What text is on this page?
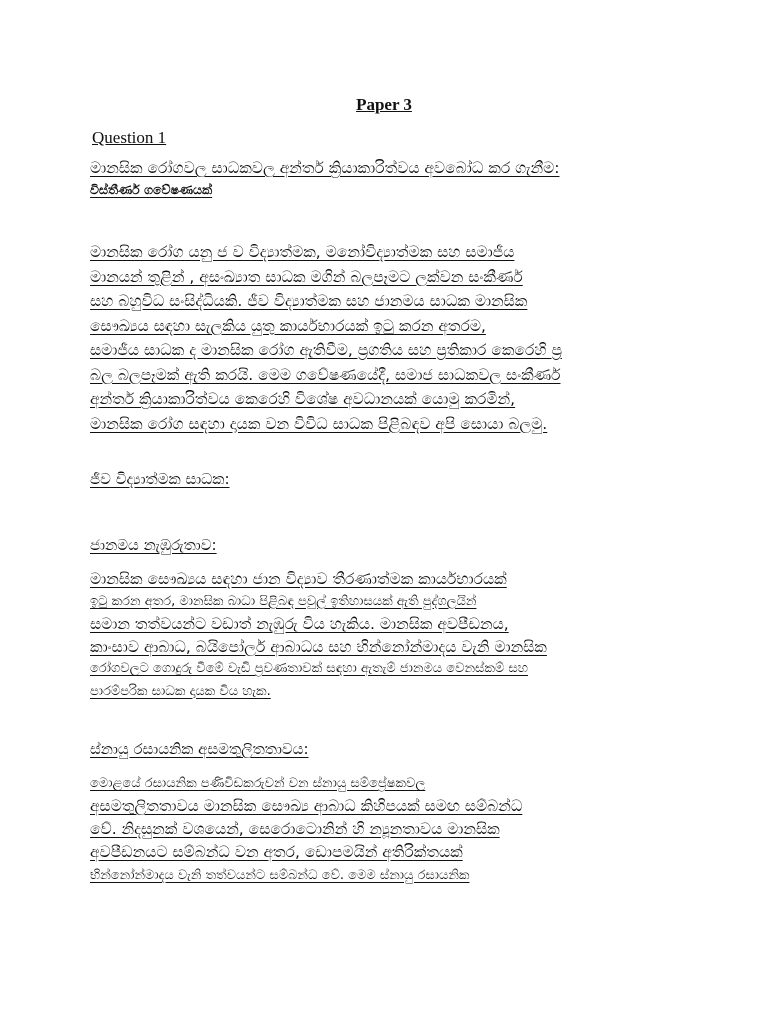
Paper 3
Question 1
මානසික රෝගවල සාධකවල අන්තර් ක්‍රියාකාරිත්වය අවබෝධ කර ගැනීම:
විස්තීර්ණ ගවේෂණයක්
මානසික රෝග යනු ජ ව විද්‍යාත්මක, මනෝවිද්‍යාත්මක සහ සමාජීය
මානයන් තුළින් , අසංඛ්‍යාත සාධක මගින් බලපෑමට ලක්වන සංකීර්ණ
සහ බහුවිධ සංසිද්ධියකි. ජීව විද්‍යාත්මක සහ ජානමය සාධක මානසික
සෞඛ්‍යය සඳහා සැලකිය යුතු කාර්යභාරයක් ඉටු කරන අතරම,
සමාජීය සාධක ද මානසික රෝග ඇතිවීම, ප්‍රගතිය සහ ප්‍රතිකාර කෙරෙහි ප්‍ර
බල බලපෑමක් ඇති කරයි. මෙම ගවේෂණයේදී, සමාජ සාධකවල සංකීර්ණ
අන්තර් ක්‍රියාකාරිත්වය කෙරෙහි විශේෂ අවධානයක් යොමු කරමින්,
මානසික රෝග සඳහා දායක වන විවිධ සාධක පිළිබඳව අපි සොයා බලමු.
ජීව විද්‍යාත්මක සාධක:
ජානමය නැඹුරුතාව:
මානසික සෞඛ්‍යය සඳහා ජාන විද්‍යාව තීරණාත්මක කාර්යභාරයක්
ඉටු කරන අතර, මානසික බාධා පිළිබඳ පවුල් ඉතිහාසයක් ඇති පුද්ගලයින්
සමාන තත්වයන්ට වඩාත් නැඹුරු විය හැකිය. මානසික අවපීඩනය,
කාංසාව ආබාධ, බයිපෝලර් ආබාධය සහ භින්නෝන්මාදය වැනි මානසික
රෝගවලට ගොදුරු වීමේ වැඩි ප්‍රවණතාවක් සඳහා ඇතැම් ජානමය වෙනස්කම් සහ
පාරම්පරික සාධක දායක විය හැක.
ස්නායු රසායනික අසමතුලිතතාවය:
මොළයේ රසායනික පණිවිඩකරුවන් වන ස්නායු සම්ප්‍රේෂකවල
අසමතුලිතතාවය මානසික සෞඛ්‍ය ආබාධ කිහිපයක් සමඟ සම්බන්ධ
වේ. නිදසුනක් වශයෙන්, සෙරොටොනින් හි න්‍යූනතාවය මානසික
අවපීඩනයට සම්බන්ධ වන අතර, ඩොපමයින් අතිරික්තයක්
භින්නෝන්මාදය වැනි තත්වයන්ට සම්බන්ධ වේ. මෙම ස්නායු රසායනික
